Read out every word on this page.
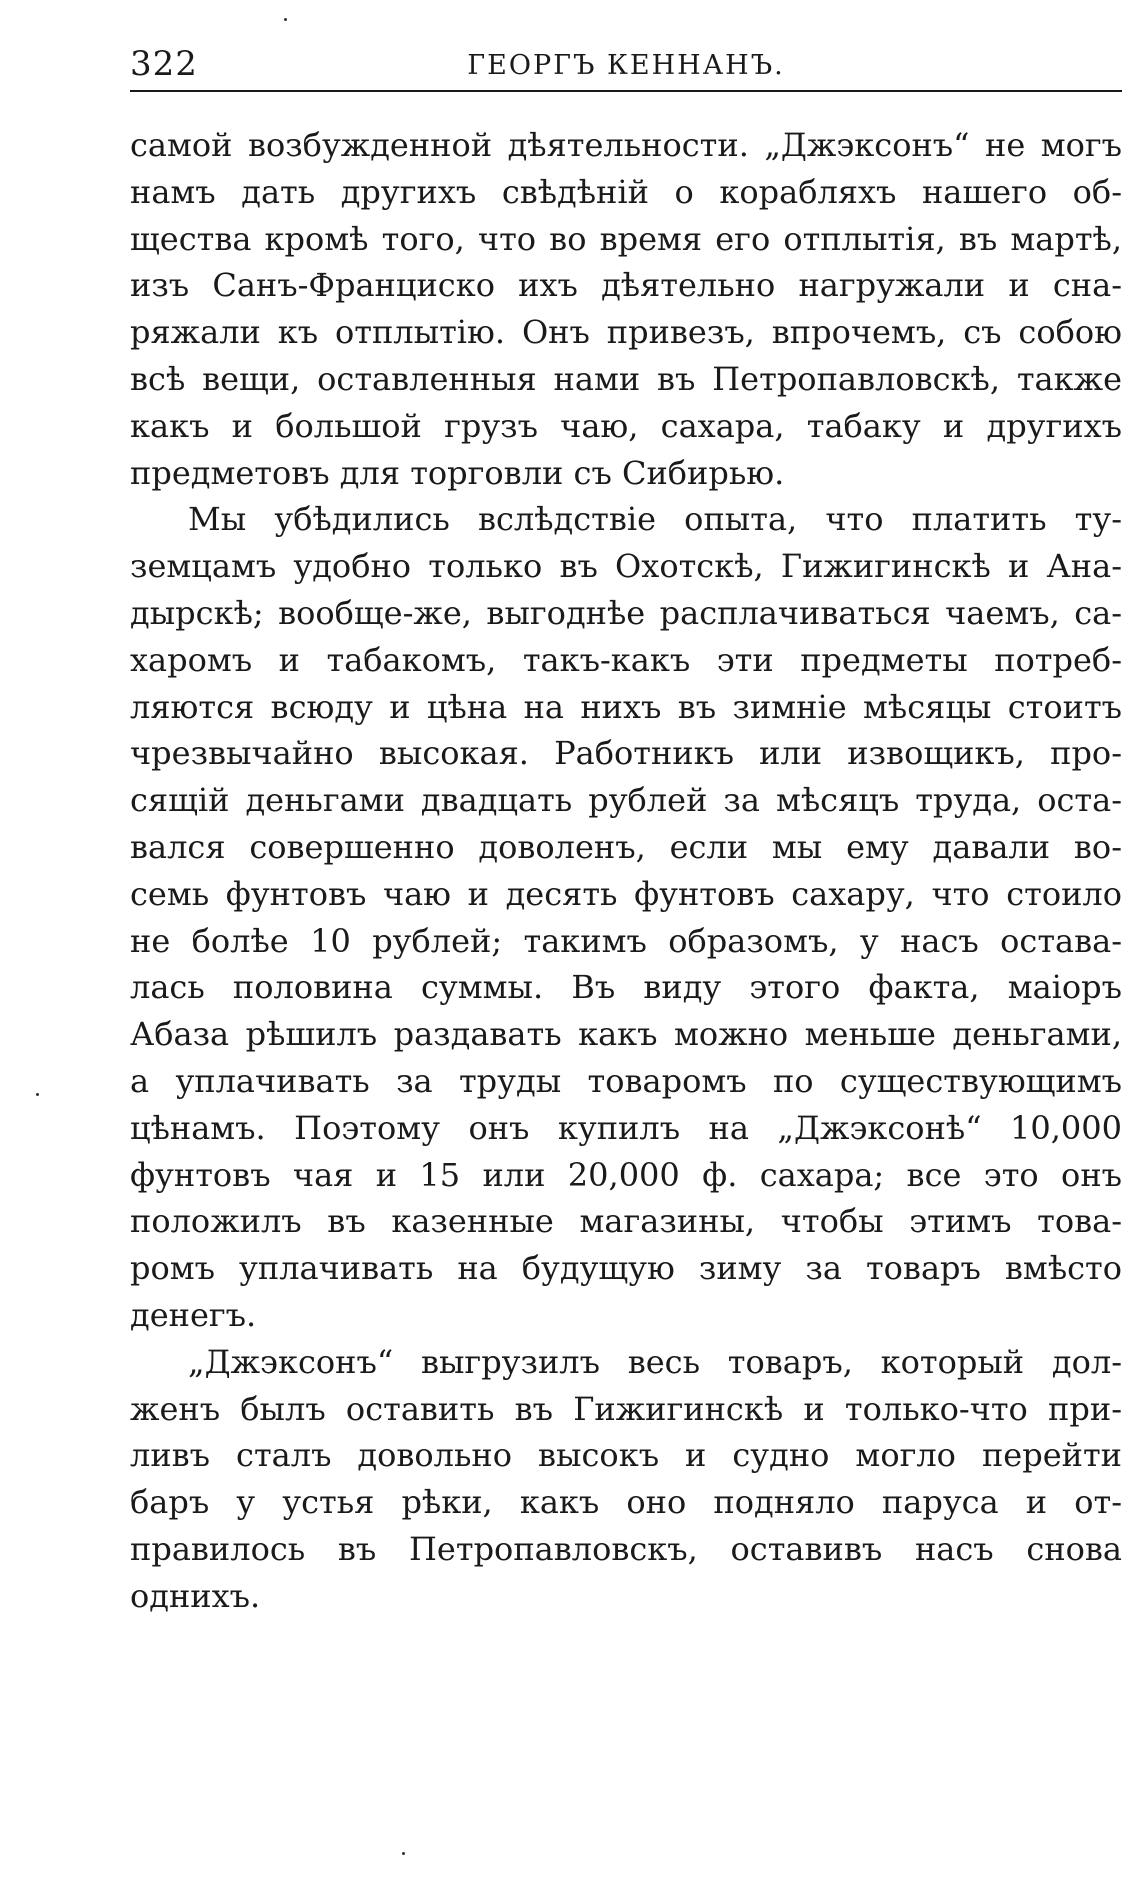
322	ГЕОРГЪ КЕННАНЪ.
самой возбужденной дѣятельности. „Джэксонъ“ не могъ
намъ дать другихъ свѣдѣній о корабляхъ нашего об-
щества кромѣ того, что во время его отплытія, въ мартѣ,
изъ Санъ-Франциско ихъ дѣятельно нагружали и сна-
ряжали къ отплытію. Онъ привезъ, впрочемъ, съ собою
всѣ вещи, оставленныя нами въ Петропавловскѣ, также
какъ и большой грузъ чаю, сахара, табаку и другихъ
предметовъ для торговли съ Сибирью.
Мы убѣдились вслѣдствіе опыта, что платить ту-
земцамъ удобно только въ Охотскѣ, Гижигинскѣ и Ана-
дырскѣ; вообще-же, выгоднѣе расплачиваться чаемъ, са-
харомъ и табакомъ, такъ-какъ эти предметы потреб-
ляются всюду и цѣна на нихъ въ зимніе мѣсяцы стоитъ
чрезвычайно высокая. Работникъ или извощикъ, про-
сящій деньгами двадцать рублей за мѣсяцъ труда, оста-
вался совершенно доволенъ, если мы ему давали во-
семь фунтовъ чаю и десять фунтовъ сахару, что стоило
не болѣе 10 рублей; такимъ образомъ, у насъ остава-
лась половина суммы. Въ виду этого факта, маіоръ
Абаза рѣшилъ раздавать какъ можно меньше деньгами,
а уплачивать за труды товаромъ по существующимъ
цѣнамъ. Поэтому онъ купилъ на „Джэксонѣ“ 10,000
фунтовъ чая и 15 или 20,000 ф. сахара; все это онъ
положилъ въ казенные магазины, чтобы этимъ това-
ромъ уплачивать на будущую зиму за товаръ вмѣсто
денегъ.
„Джэксонъ“ выгрузилъ весь товаръ, который дол-
женъ былъ оставить въ Гижигинскѣ и только-что при-
ливъ сталъ довольно высокъ и судно могло перейти
баръ у устья рѣки, какъ оно подняло паруса и от-
правилось въ Петропавловскъ, оставивъ насъ снова
однихъ.
